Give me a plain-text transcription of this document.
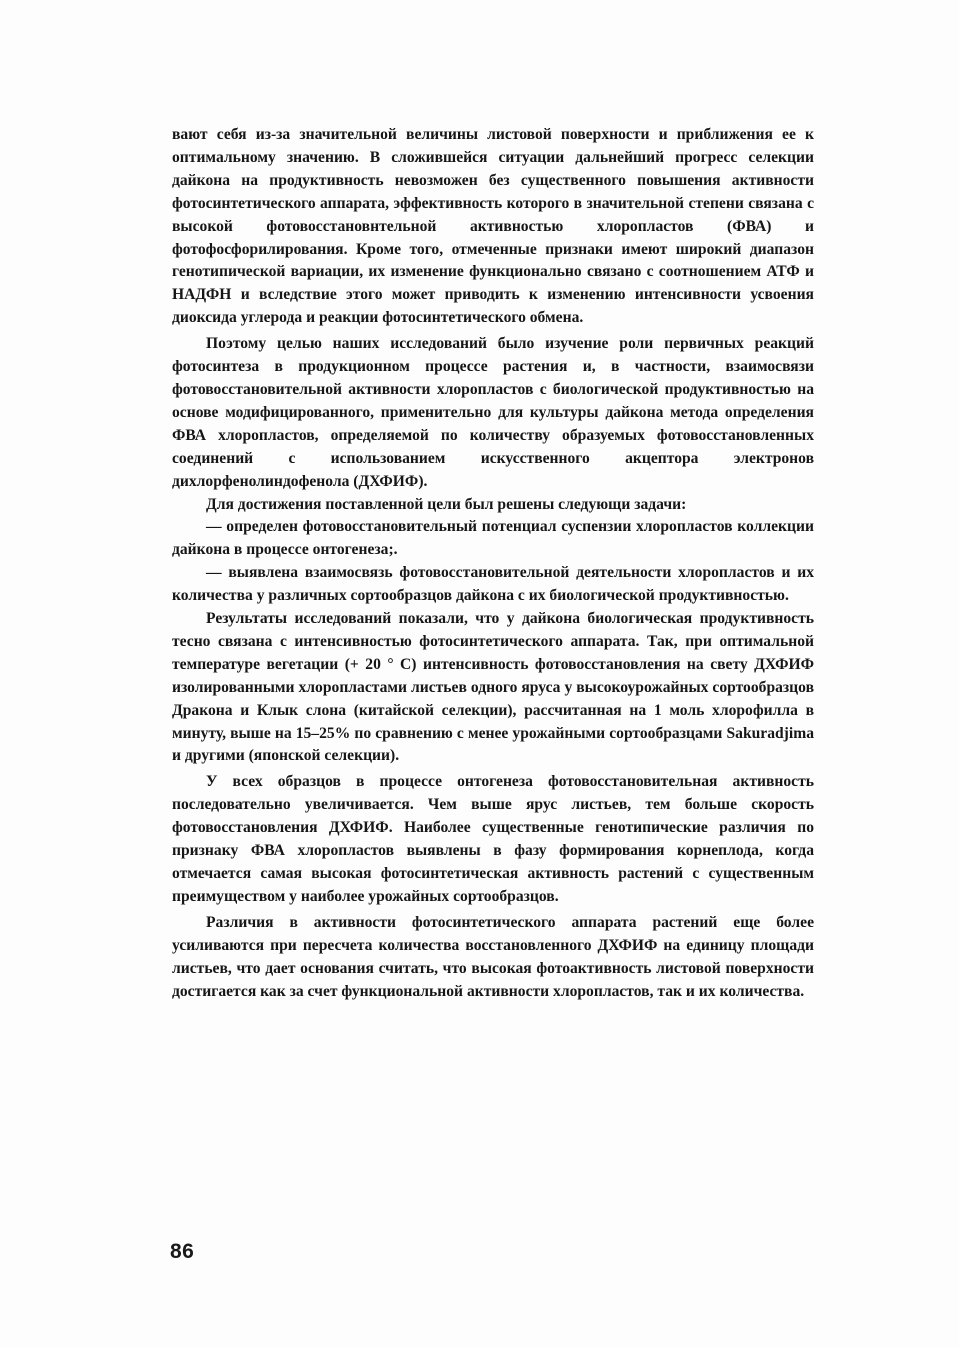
вают себя из-за значительной величины листовой поверхности и приближения ее к оптимальному значению. В сложившейся ситуации дальнейший прогресс селекции дайкона на продуктивность невозможен без существенного повышения активности фотосинтетического аппарата, эффективность которого в значительной степени связана с высокой фотовосстановнтельной активностью хлоропластов (ФВА) и фотофосфорилирования. Кроме того, отмеченные признаки имеют широкий диапазон генотипической вариации, их изменение функционально связано с соотношением АТФ и НАДФН и вследствие этого может приводить к изменению интенсивности усвоения диоксида углерода и реакции фотосинтетического обмена.

Поэтому целью наших исследований было изучение роли первичных реакций фотосинтеза в продукционном процессе растения и, в частности, взаимосвязи фотовосстановительной активности хлоропластов с биологической продуктивностью на основе модифицированного, применительно для культуры дайкона метода определения ФВА хлоропластов, определяемой по количеству образуемых фотовосстановленных соединений с использованием искусственного акцептора электронов дихлорфенолиндофенола (ДХФИФ).

Для достижения поставленной цели был решены следующи задачи:

— определен фотовосстановительный потенциал суспензии хлоропластов коллекции дайкона в процессе онтогенеза;.

— выявлена взаимосвязь фотовосстановительной деятельности хлоропластов и их количества у различных сортообразцов дайкона с их биологической продуктивностью.

Результаты исследований показали, что у дайкона биологическая продуктивность тесно связана с интенсивностью фотосинтетического аппарата. Так, при оптимальной температуре вегетации (+ 20 ° С) интенсивность фотовосстановления на свету ДХФИФ изолированными хлоропластами листьев одного яруса у высокоурожайных сортообразцов Дракона и Клык слона (китайской селекции), рассчитанная на 1 моль хлорофилла в минуту, выше на 15–25% по сравнению с менее урожайными сортообразцами Sakuradjima и другими (японской селекции).

У всех образцов в процессе онтогенеза фотовосстановительная активность последовательно увеличивается. Чем выше ярус листьев, тем больше скорость фотовосстановления ДХФИФ. Наиболее существенные генотипические различия по признаку ФВА хлоропластов выявлены в фазу формирования корнеплода, когда отмечается самая высокая фотосинтетическая активность растений с существенным преимуществом у наиболее урожайных сортообразцов.

Различия в активности фотосинтетического аппарата растений еще более усиливаются при пересчета количества восстановленного ДХФИФ на единицу площади листьев, что дает основания считать, что высокая фотоактивность листовой поверхности достигается как за счет функциональной активности хлоропластов, так и их количества.

86
